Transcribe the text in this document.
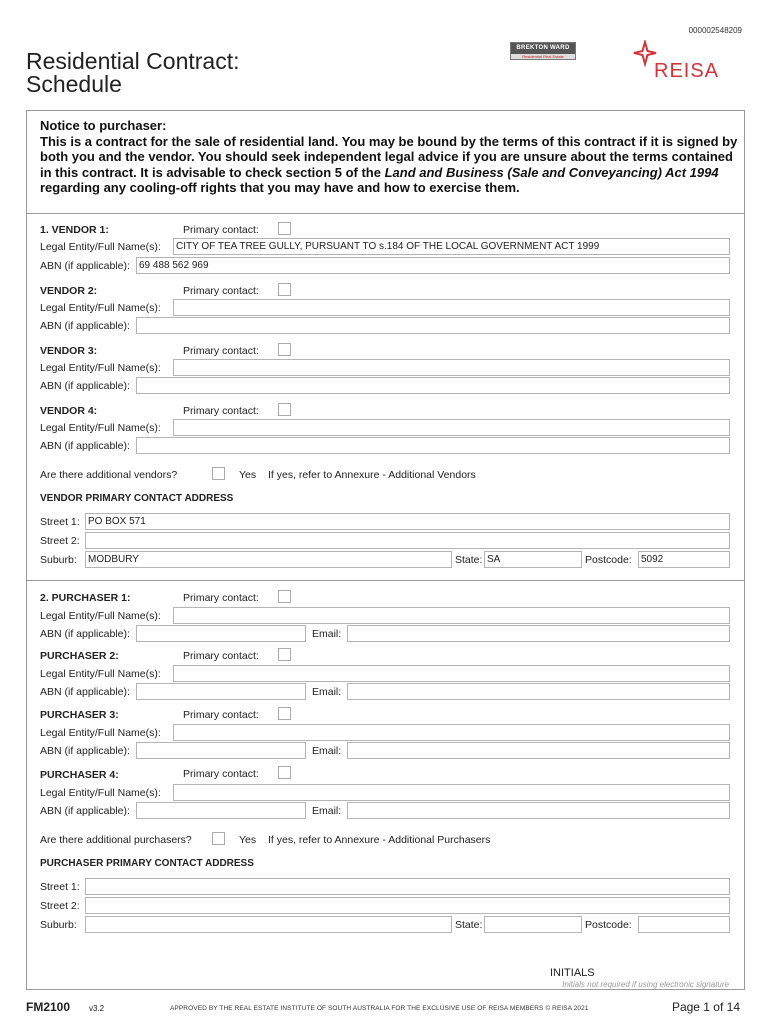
000002548209
Residential Contract:
Schedule
BREKTON WARD
Residential Real Estate
REISA
Notice to purchaser:
This is a contract for the sale of residential land. You may be bound by the terms of this contract if it is signed by both you and the vendor. You should seek independent legal advice if you are unsure about the terms contained in this contract. It is advisable to check section 5 of the Land and Business (Sale and Conveyancing) Act 1994 regarding any cooling-off rights that you may have and how to exercise them.
1. VENDOR 1:	Primary contact:
Legal Entity/Full Name(s):	CITY OF TEA TREE GULLY, PURSUANT TO s.184 OF THE LOCAL GOVERNMENT ACT 1999
ABN (if applicable): 69 488 562 969
VENDOR 2:	Primary contact:
Legal Entity/Full Name(s):
ABN (if applicable):
VENDOR 3:	Primary contact:
Legal Entity/Full Name(s):
ABN (if applicable):
VENDOR 4:	Primary contact:
Legal Entity/Full Name(s):
ABN (if applicable):
Are there additional vendors?	Yes If yes, refer to Annexure - Additional Vendors
VENDOR PRIMARY CONTACT ADDRESS
Street 1: PO BOX 571
Street 2:
Suburb:	MODBURY	State: SA	Postcode: 5092
2. PURCHASER 1:	Primary contact:
Legal Entity/Full Name(s):
ABN (if applicable):	Email:
PURCHASER 2:	Primary contact:
Legal Entity/Full Name(s):
ABN (if applicable):	Email:
PURCHASER 3:	Primary contact:
Legal Entity/Full Name(s):
ABN (if applicable):	Email:
PURCHASER 4:	Primary contact:
Legal Entity/Full Name(s):
ABN (if applicable):	Email:
Are there additional purchasers?	Yes If yes, refer to Annexure - Additional Purchasers
PURCHASER PRIMARY CONTACT ADDRESS
Street 1:
Street 2:
Suburb:	State:	Postcode:
INITIALS
Initials not required if using electronic signature
FM2100 v3.2	APPROVED BY THE REAL ESTATE INSTITUTE OF SOUTH AUSTRALIA FOR THE EXCLUSIVE USE OF REISA MEMBERS © REISA 2021	Page 1 of 14
